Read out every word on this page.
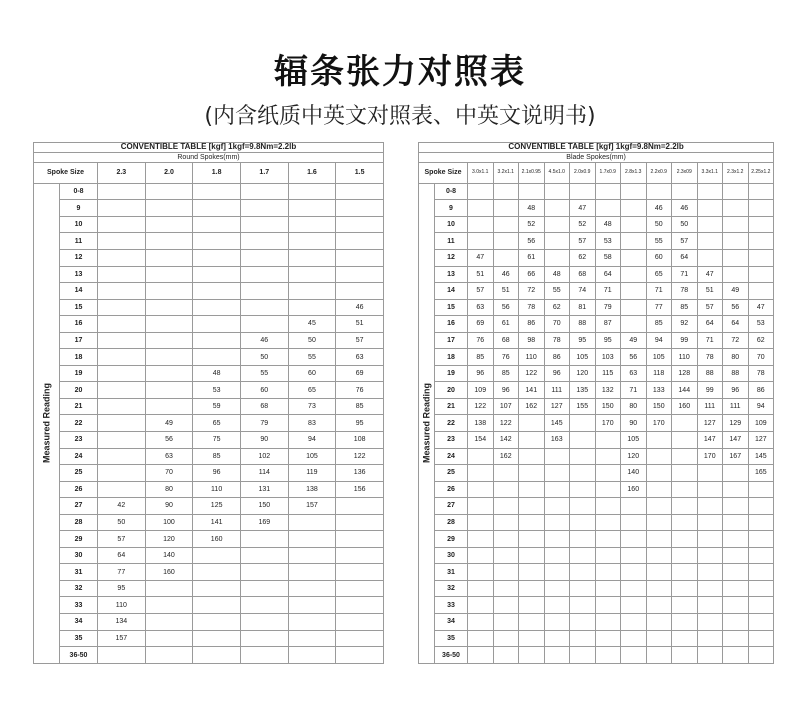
辐条张力对照表
(内含纸质中英文对照表、中英文说明书)
CONVENTIBLE TABLE [kgf] 1kgf=9.8Nm=2.2lb							
Round Spokes(mm)							
Spoke Size		2.3	2.0	1.8	1.7	1.6	1.5

Measured Reading	0-8						
	9						
	10						
	11						
	12						
	13						
	14						
	15						46
	16					45	51
	17				46	50	57
	18				50	55	63
	19			48	55	60	69
	20			53	60	65	76
	21			59	68	73	85
	22		49	65	79	83	95
	23		56	75	90	94	108
	24		63	85	102	105	122
	25		70	96	114	119	136
	26		80	110	131	138	156
	27	42	90	125	150	157	
	28	50	100	141	169		
	29	57	120	160			
	30	64	140				
	31	77	160				
	32	95					
	33	110					
	34	134					
	35	157					
	36-50						
CONVENTIBLE TABLE [kgf] 1kgf=9.8Nm=2.2lb													
Blade Spokes(mm)													
Spoke Size		3.0x1.1	3.2x1.1	2.1x0.95	4.5x1.0	2.0x0.9	1.7x0.9	2.8x1.3	2.2x0.9	2.3x09	3.3x1.1	2.3x1.2	2.25x1.2

Measured Reading	0-8												
	9			48		47			46	46			
	10			52		52	48		50	50			
	11			56		57	53		55	57			
	12	47		61		62	58		60	64			
	13	51	46	66	48	68	64		65	71	47		
	14	57	51	72	55	74	71		71	78	51	49	
	15	63	56	78	62	81	79		77	85	57	56	47
	16	69	61	86	70	88	87		85	92	64	64	53
	17	76	68	98	78	95	95	49	94	99	71	72	62
	18	85	76	110	86	105	103	56	105	110	78	80	70
	19	96	85	122	96	120	115	63	118	128	88	88	78
	20	109	96	141	111	135	132	71	133	144	99	96	86
	21	122	107	162	127	155	150	80	150	160	111	111	94
	22	138	122		145		170	90	170		127	129	109
	23	154	142		163			105			147	147	127
	24		162					120			170	167	145
	25							140					165
	26							160					
	27												
	28												
	29												
	30												
	31												
	32												
	33												
	34												
	35												
	36-50												
